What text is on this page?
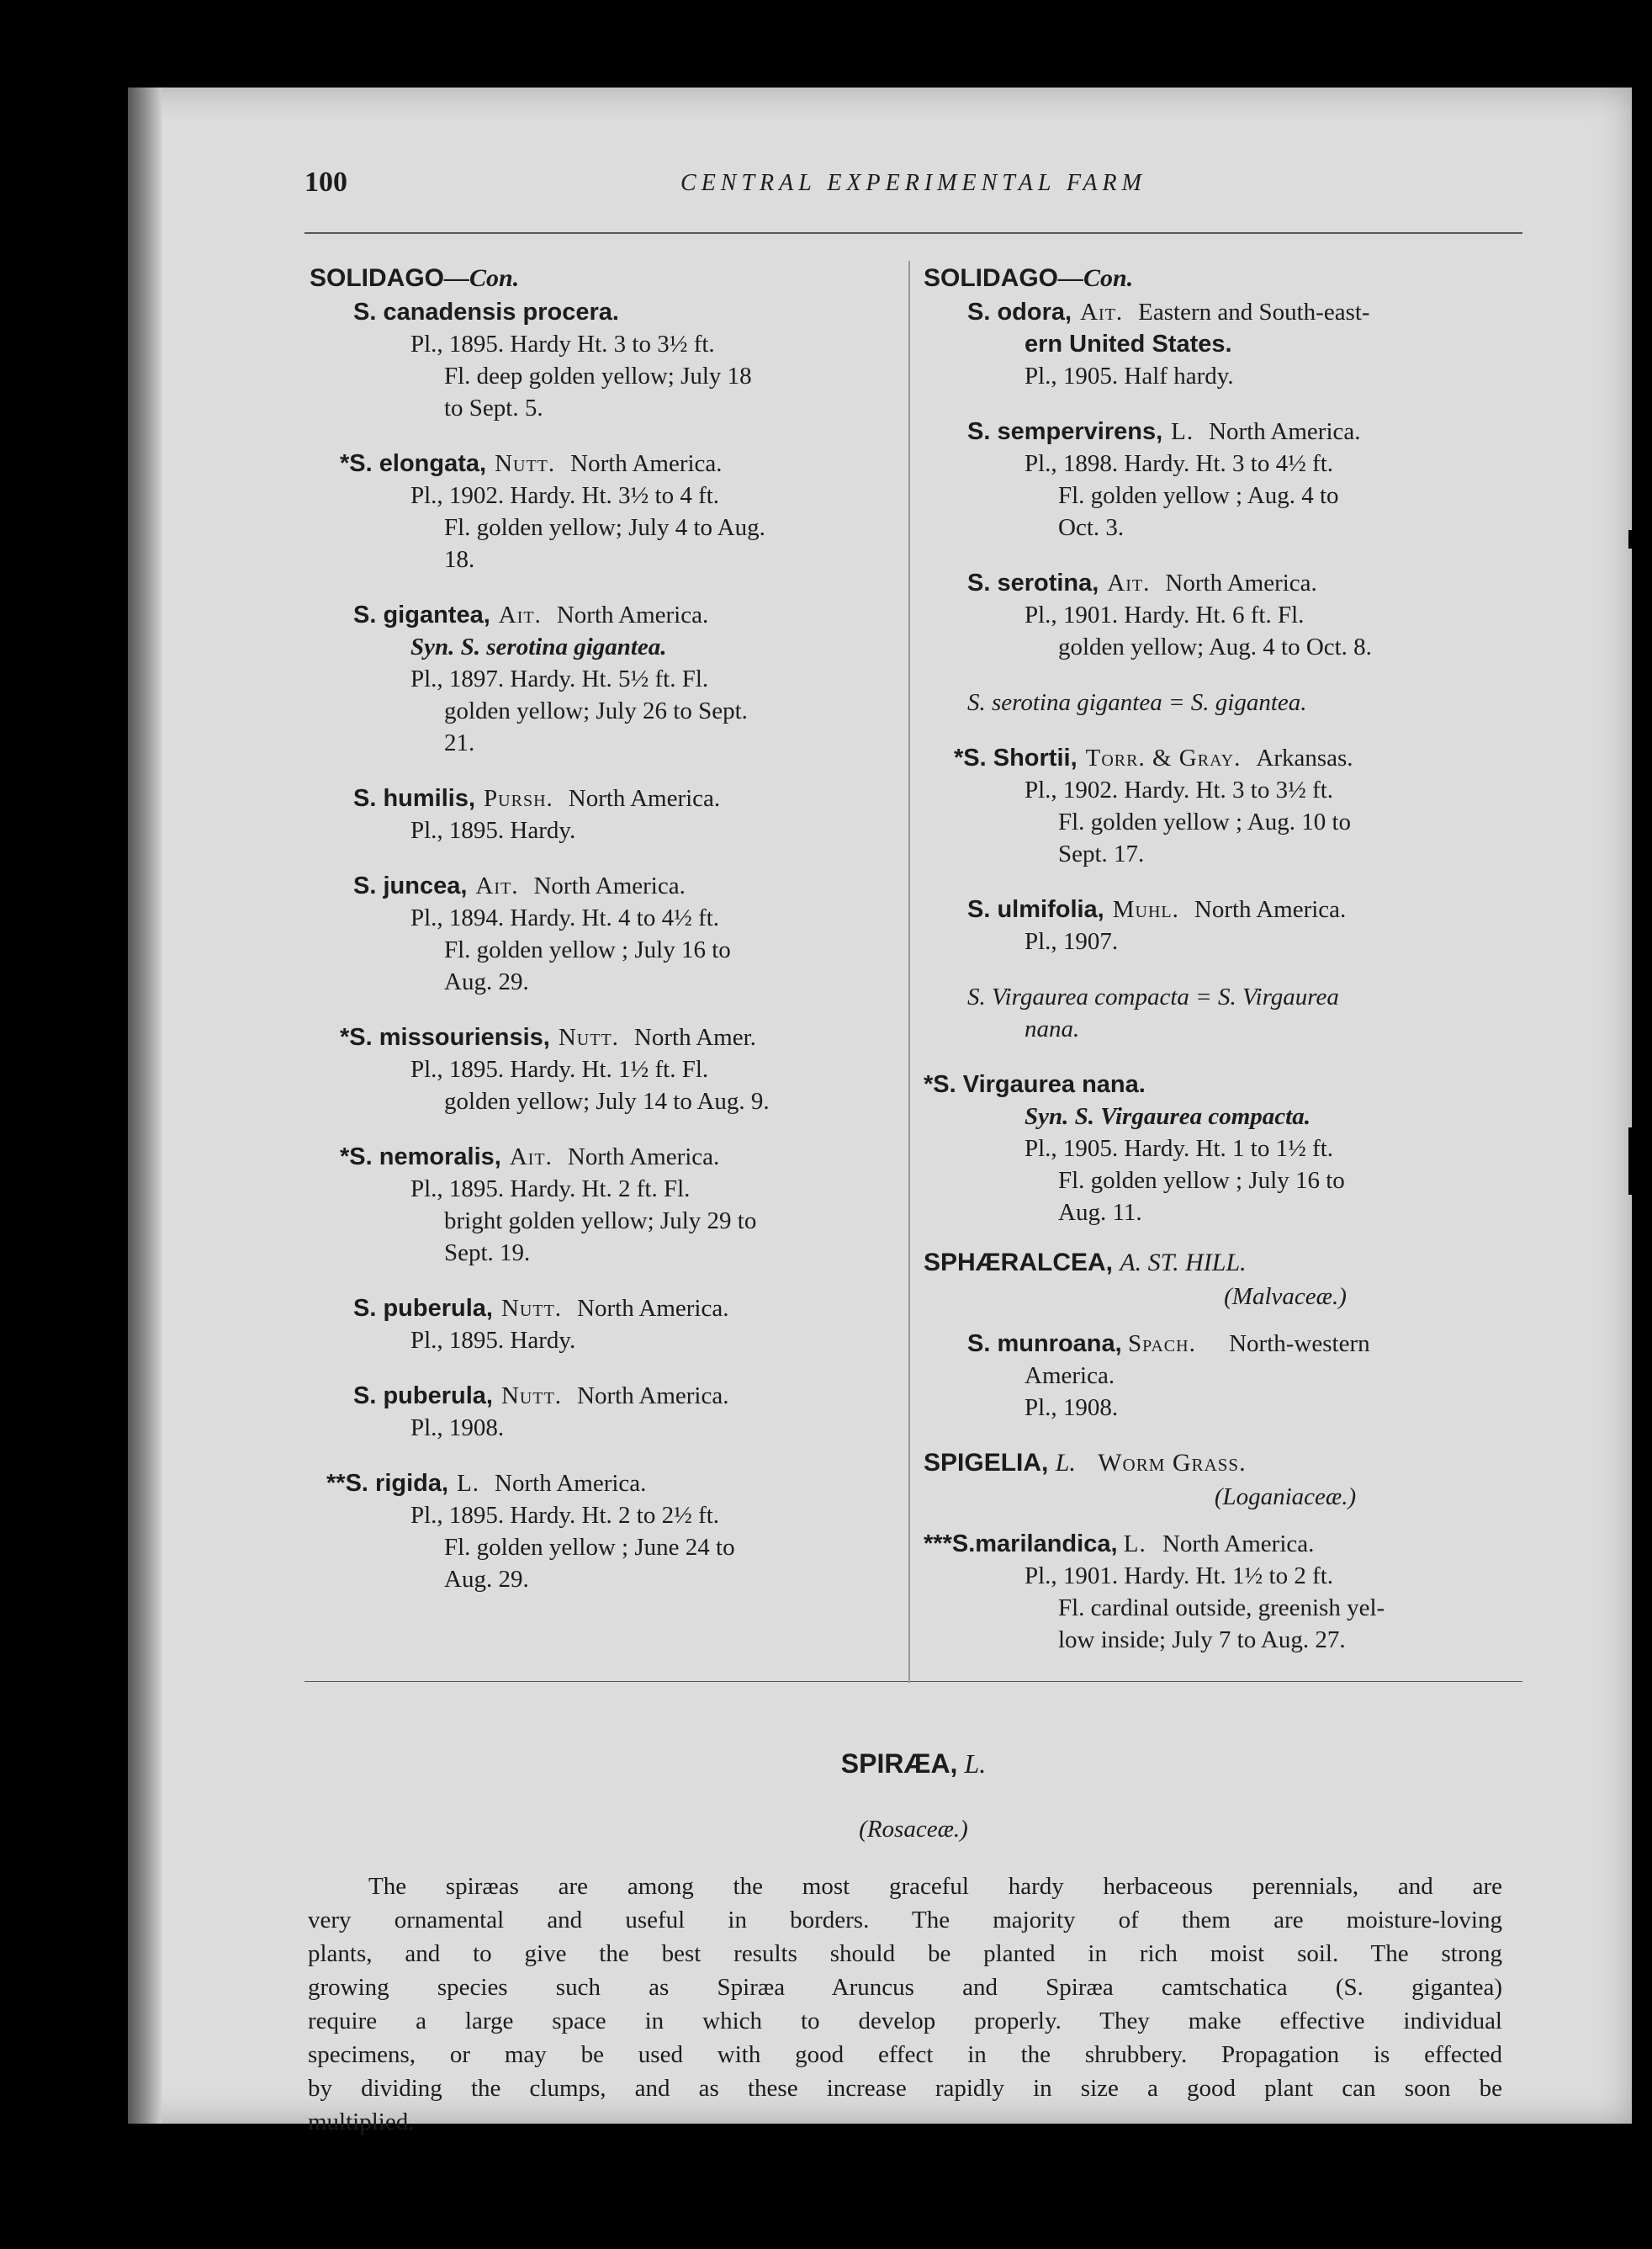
100	CENTRAL EXPERIMENTAL FARM
SOLIDAGO—Con.
S. canadensis procera.
Pl., 1895. Hardy Ht. 3 to 3½ ft.
Fl. deep golden yellow; July 18
to Sept. 5.
*S. elongata, Nutt. North America.
Pl., 1902. Hardy. Ht. 3½ to 4 ft.
Fl. golden yellow; July 4 to Aug.
18.
S. gigantea, Ait. North America.
Syn. S. serotina gigantea.
Pl., 1897. Hardy. Ht. 5½ ft. Fl.
golden yellow; July 26 to Sept.
21.
S. humilis, Pursh. North America.
Pl., 1895. Hardy.
S. juncea, Ait. North America.
Pl., 1894. Hardy. Ht. 4 to 4½ ft.
Fl. golden yellow ; July 16 to
Aug. 29.
*S. missouriensis, Nutt. North Amer.
Pl., 1895. Hardy. Ht. 1½ ft. Fl.
golden yellow; July 14 to Aug. 9.
*S. nemoralis, Ait. North America.
Pl., 1895. Hardy. Ht. 2 ft. Fl.
bright golden yellow; July 29 to
Sept. 19.
S. puberula, Nutt. North America.
Pl., 1895. Hardy.
S. puberula, Nutt. North America.
Pl., 1908.
**S. rigida, L. North America.
Pl., 1895. Hardy. Ht. 2 to 2½ ft.
Fl. golden yellow ; June 24 to
Aug. 29.
SOLIDAGO—Con.
S. odora, Ait. Eastern and South-east-
ern United States.
Pl., 1905. Half hardy.
S. sempervirens, L. North America.
Pl., 1898. Hardy. Ht. 3 to 4½ ft.
Fl. golden yellow ; Aug. 4 to
Oct. 3.
S. serotina, Ait. North America.
Pl., 1901. Hardy. Ht. 6 ft. Fl.
golden yellow; Aug. 4 to Oct. 8.
S. serotina gigantea = S. gigantea.
*S. Shortii, Torr. & Gray. Arkansas.
Pl., 1902. Hardy. Ht. 3 to 3½ ft.
Fl. golden yellow ; Aug. 10 to
Sept. 17.
S. ulmifolia, Muhl. North America.
Pl., 1907.
S. Virgaurea compacta = S. Virgaurea
nana.
*S. Virgaurea nana.
Syn. S. Virgaurea compacta.
Pl., 1905. Hardy. Ht. 1 to 1½ ft.
Fl. golden yellow ; July 16 to
Aug. 11.
SPHÆRALCEA, A. ST. HILL.
(Malvaceæ.)
S. munroana, Spach. North-western
America.
Pl., 1908.
SPIGELIA, L. Worm Grass.
(Loganiaceæ.)
***S.marilandica, L. North America.
Pl., 1901. Hardy. Ht. 1½ to 2 ft.
Fl. cardinal outside, greenish yel-
low inside; July 7 to Aug. 27.
SPIRÆA, L.
(Rosaceæ.)
The spiræas are among the most graceful hardy herbaceous perennials, and are
very ornamental and useful in borders. The majority of them are moisture-loving
plants, and to give the best results should be planted in rich moist soil. The strong
growing species such as Spiræa Aruncus and Spiræa camtschatica (S. gigantea)
require a large space in which to develop properly. They make effective individual
specimens, or may be used with good effect in the shrubbery. Propagation is effected
by dividing the clumps, and as these increase rapidly in size a good plant can soon be
multiplied.
